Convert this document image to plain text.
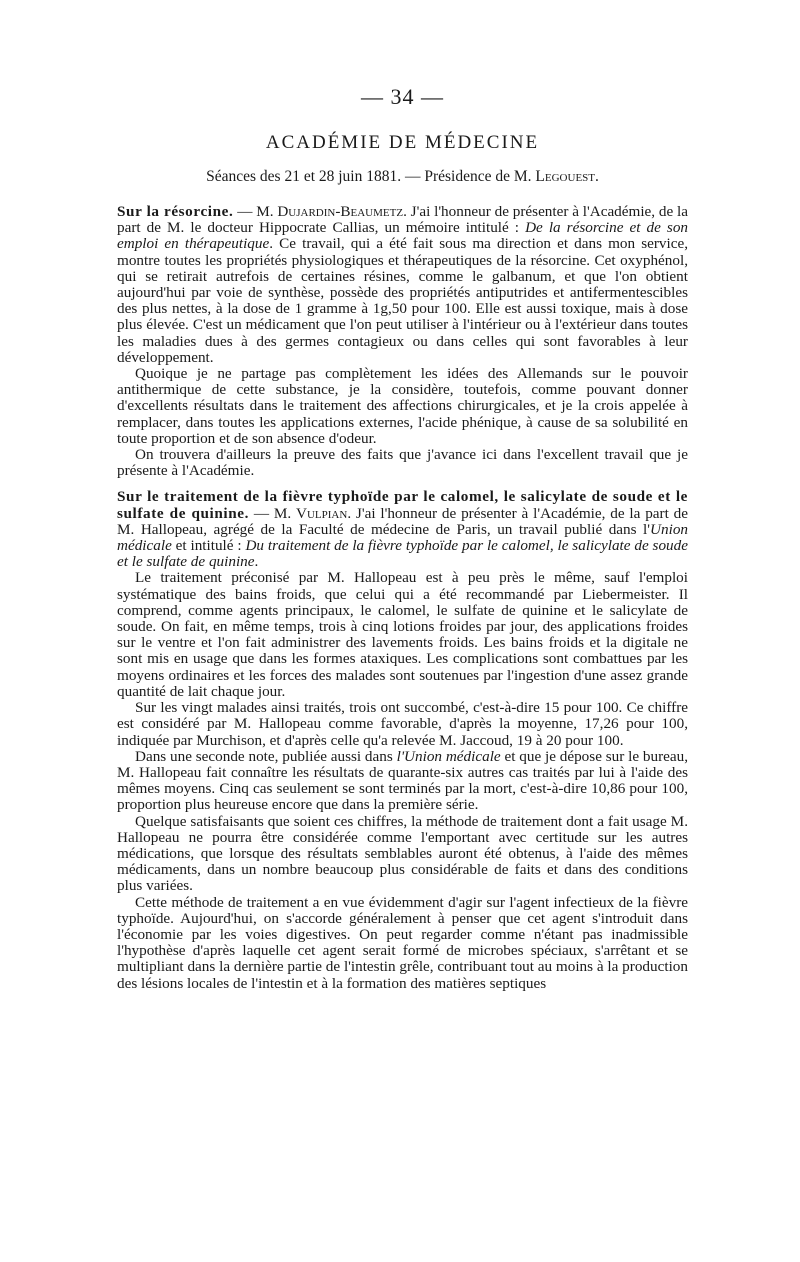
— 34 —
ACADÉMIE DE MÉDECINE
Séances des 21 et 28 juin 1881. — Présidence de M. Legouest.

Sur la résorcine. — M. Dujardin-Beaumetz. J'ai l'honneur de présenter à l'Académie, de la part de M. le docteur Hippocrate Callias, un mémoire intitulé : De la résorcine et de son emploi en thérapeutique. Ce travail, qui a été fait sous ma direction et dans mon service, montre toutes les propriétés physiologiques et thérapeutiques de la résorcine. Cet oxyphénol, qui se retirait autrefois de certaines résines, comme le galbanum, et que l'on obtient aujourd'hui par voie de synthèse, possède des propriétés antiputrides et antifermentescibles des plus nettes, à la dose de 1 gramme à 1g,50 pour 100. Elle est aussi toxique, mais à dose plus élevée. C'est un médicament que l'on peut utiliser à l'intérieur ou à l'extérieur dans toutes les maladies dues à des germes contagieux ou dans celles qui sont favorables à leur développement.

Quoique je ne partage pas complètement les idées des Allemands sur le pouvoir antithermique de cette substance, je la considère, toutefois, comme pouvant donner d'excellents résultats dans le traitement des affections chirurgicales, et je la crois appelée à remplacer, dans toutes les applications externes, l'acide phénique, à cause de sa solubilité en toute proportion et de son absence d'odeur.

On trouvera d'ailleurs la preuve des faits que j'avance ici dans l'excellent travail que je présente à l'Académie.

Sur le traitement de la fièvre typhoïde par le calomel, le salicylate de soude et le sulfate de quinine. — M. Vulpian. J'ai l'honneur de présenter à l'Académie, de la part de M. Hallopeau, agrégé de la Faculté de médecine de Paris, un travail publié dans l'Union médicale et intitulé : Du traitement de la fièvre typhoïde par le calomel, le salicylate de soude et le sulfate de quinine.

Le traitement préconisé par M. Hallopeau est à peu près le même, sauf l'emploi systématique des bains froids, que celui qui a été recommandé par Liebermeister. Il comprend, comme agents principaux, le calomel, le sulfate de quinine et le salicylate de soude. On fait, en même temps, trois à cinq lotions froides par jour, des applications froides sur le ventre et l'on fait administrer des lavements froids. Les bains froids et la digitale ne sont mis en usage que dans les formes ataxiques. Les complications sont combattues par les moyens ordinaires et les forces des malades sont soutenues par l'ingestion d'une assez grande quantité de lait chaque jour.

Sur les vingt malades ainsi traités, trois ont succombé, c'est-à-dire 15 pour 100. Ce chiffre est considéré par M. Hallopeau comme favorable, d'après la moyenne, 17,26 pour 100, indiquée par Murchison, et d'après celle qu'a relevée M. Jaccoud, 19 à 20 pour 100.

Dans une seconde note, publiée aussi dans l'Union médicale et que je dépose sur le bureau, M. Hallopeau fait connaître les résultats de quarante-six autres cas traités par lui à l'aide des mêmes moyens. Cinq cas seulement se sont terminés par la mort, c'est-à-dire 10,86 pour 100, proportion plus heureuse encore que dans la première série.

Quelque satisfaisants que soient ces chiffres, la méthode de traitement dont a fait usage M. Hallopeau ne pourra être considérée comme l'emportant avec certitude sur les autres médications, que lorsque des résultats semblables auront été obtenus, à l'aide des mêmes médicaments, dans un nombre beaucoup plus considérable de faits et dans des conditions plus variées.

Cette méthode de traitement a en vue évidemment d'agir sur l'agent infectieux de la fièvre typhoïde. Aujourd'hui, on s'accorde généralement à penser que cet agent s'introduit dans l'économie par les voies digestives. On peut regarder comme n'étant pas inadmissible l'hypothèse d'après laquelle cet agent serait formé de microbes spéciaux, s'arrêtant et se multipliant dans la dernière partie de l'intestin grêle, contribuant tout au moins à la production des lésions locales de l'intestin et à la formation des matières septiques
